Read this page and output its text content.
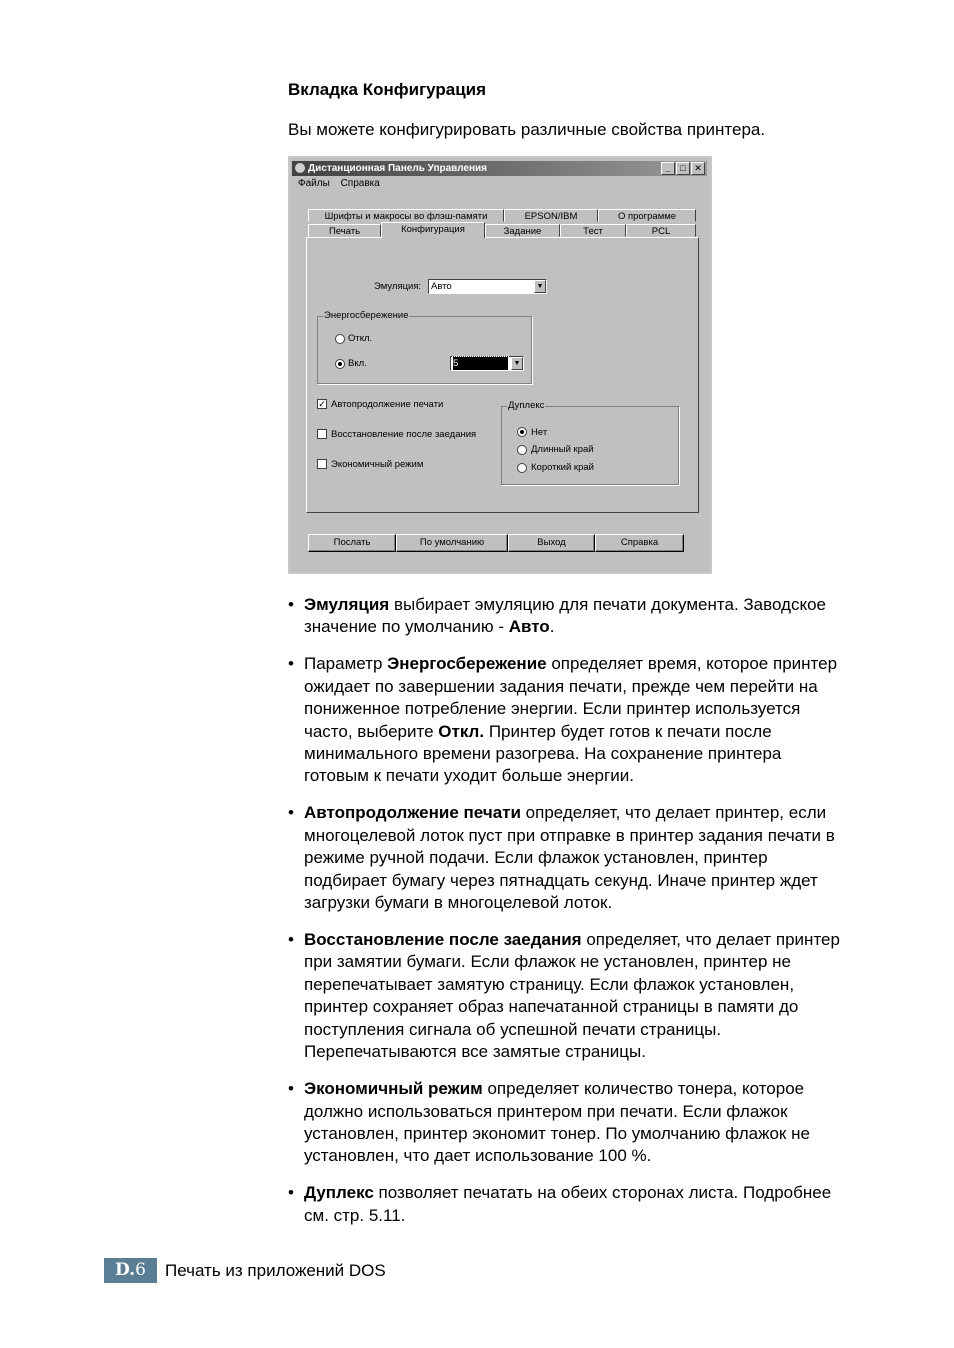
Вкладка Конфигурация
Вы можете конфигурировать различные свойства принтера.
Дистанционная Панель Управления	_	□ ✕
Файлы Справка
Шрифты и макросы во флэш-памяти	EPSON/IBM	О программе
Печать	Конфигурация	Задание	Тест	PCL
Эмуляция:	Авто	▼
Энергосбережение
Откл.
Вкл.	5	▼
✓ Автопродолжение печати
Восстановление после заедания
Экономичный режим
Дуплекс
Нет
Длинный край
Короткий край
Послать	По умолчанию	Выход	Справка
• Эмуляция выбирает эмуляцию для печати документа. Заводское значение по умолчанию - Авто.
• Параметр Энергосбережение определяет время, которое принтер ожидает по завершении задания печати, прежде чем перейти на пониженное потребление энергии. Если принтер используется часто, выберите Откл. Принтер будет готов к печати после минимального времени разогрева. На сохранение принтера готовым к печати уходит больше энергии.
• Автопродолжение печати определяет, что делает принтер, если многоцелевой лоток пуст при отправке в принтер задания печати в режиме ручной подачи. Если флажок установлен, принтер подбирает бумагу через пятнадцать секунд. Иначе принтер ждет загрузки бумаги в многоцелевой лоток.
• Восстановление после заедания определяет, что делает принтер при замятии бумаги. Если флажок не установлен, принтер не перепечатывает замятую страницу. Если флажок установлен, принтер сохраняет образ напечатанной страницы в памяти до поступления сигнала об успешной печати страницы. Перепечатываются все замятые страницы.
• Экономичный режим определяет количество тонера, которое должно использоваться принтером при печати. Если флажок установлен, принтер экономит тонер. По умолчанию флажок не установлен, что дает использование 100 %.
• Дуплекс позволяет печатать на обеих сторонах листа. Подробнее см. стр. 5.11.
D.6	Печать из приложений DOS
